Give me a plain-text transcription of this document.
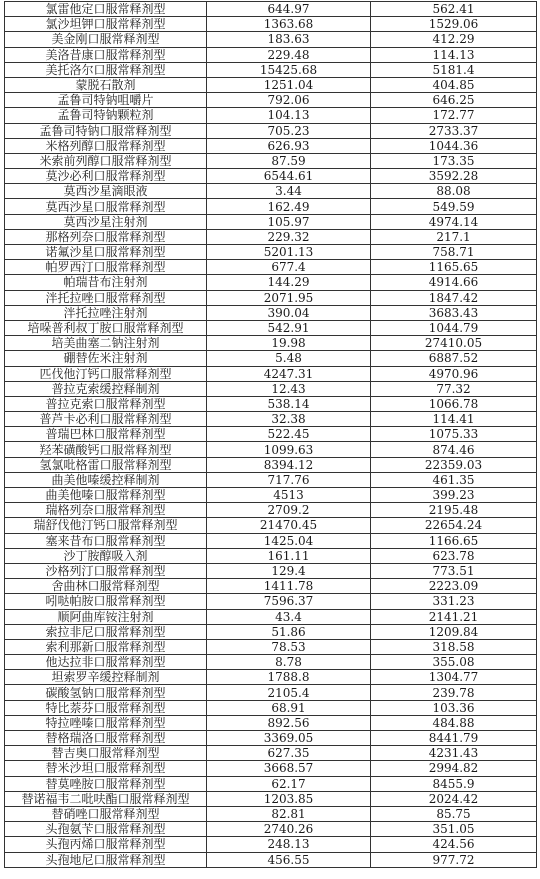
氯雷他定口服常释剂型	644.97	562.41
氯沙坦钾口服常释剂型	1363.68	1529.06
美金刚口服常释剂型	183.63	412.29
美洛昔康口服常释剂型	229.48	114.13
美托洛尔口服常释剂型	15425.68	5181.4
蒙脱石散剂	1251.04	404.85
孟鲁司特钠咀嚼片	792.06	646.25
孟鲁司特钠颗粒剂	104.13	172.77
孟鲁司特钠口服常释剂型	705.23	2733.37
米格列醇口服常释剂型	626.93	1044.36
米索前列醇口服常释剂型	87.59	173.35
莫沙必利口服常释剂型	6544.61	3592.28
莫西沙星滴眼液	3.44	88.08
莫西沙星口服常释剂型	162.49	549.59
莫西沙星注射剂	105.97	4974.14
那格列奈口服常释剂型	229.32	217.1
诺氟沙星口服常释剂型	5201.13	758.71
帕罗西汀口服常释剂型	677.4	1165.65
帕瑞昔布注射剂	144.29	4914.66
泮托拉唑口服常释剂型	2071.95	1847.42
泮托拉唑注射剂	390.04	3683.43
培哚普利叔丁胺口服常释剂型	542.91	1044.79
培美曲塞二钠注射剂	19.98	27410.05
硼替佐米注射剂	5.48	6887.52
匹伐他汀钙口服常释剂型	4247.31	4970.96
普拉克索缓控释制剂	12.43	77.32
普拉克索口服常释剂型	538.14	1066.78
普芦卡必利口服常释剂型	32.38	114.41
普瑞巴林口服常释剂型	522.45	1075.33
羟苯磺酸钙口服常释剂型	1099.63	874.46
氢氯吡格雷口服常释剂型	8394.12	22359.03
曲美他嗪缓控释制剂	717.76	461.35
曲美他嗪口服常释剂型	4513	399.23
瑞格列奈口服常释剂型	2709.2	2195.48
瑞舒伐他汀钙口服常释剂型	21470.45	22654.24
塞来昔布口服常释剂型	1425.04	1166.65
沙丁胺醇吸入剂	161.11	623.78
沙格列汀口服常释剂型	129.4	773.51
舍曲林口服常释剂型	1411.78	2223.09
吲哒帕胺口服常释剂型	7596.37	331.23
顺阿曲库铵注射剂	43.4	2141.21
索拉非尼口服常释剂型	51.86	1209.84
索利那新口服常释剂型	78.53	318.58
他达拉非口服常释剂型	8.78	355.08
坦索罗辛缓控释制剂	1788.8	1304.77
碳酸氢钠口服常释剂型	2105.4	239.78
特比萘芬口服常释剂型	68.91	103.36
特拉唑嗪口服常释剂型	892.56	484.88
替格瑞洛口服常释剂型	3369.05	8441.79
替吉奥口服常释剂型	627.35	4231.43
替米沙坦口服常释剂型	3668.57	2994.82
替莫唑胺口服常释剂型	62.17	8455.9
替诺福韦二吡呋酯口服常释剂型	1203.85	2024.42
替硝唑口服常释剂型	82.81	85.75
头孢氨苄口服常释剂型	2740.26	351.05
头孢丙烯口服常释剂型	248.13	424.56
头孢地尼口服常释剂型	456.55	977.72
